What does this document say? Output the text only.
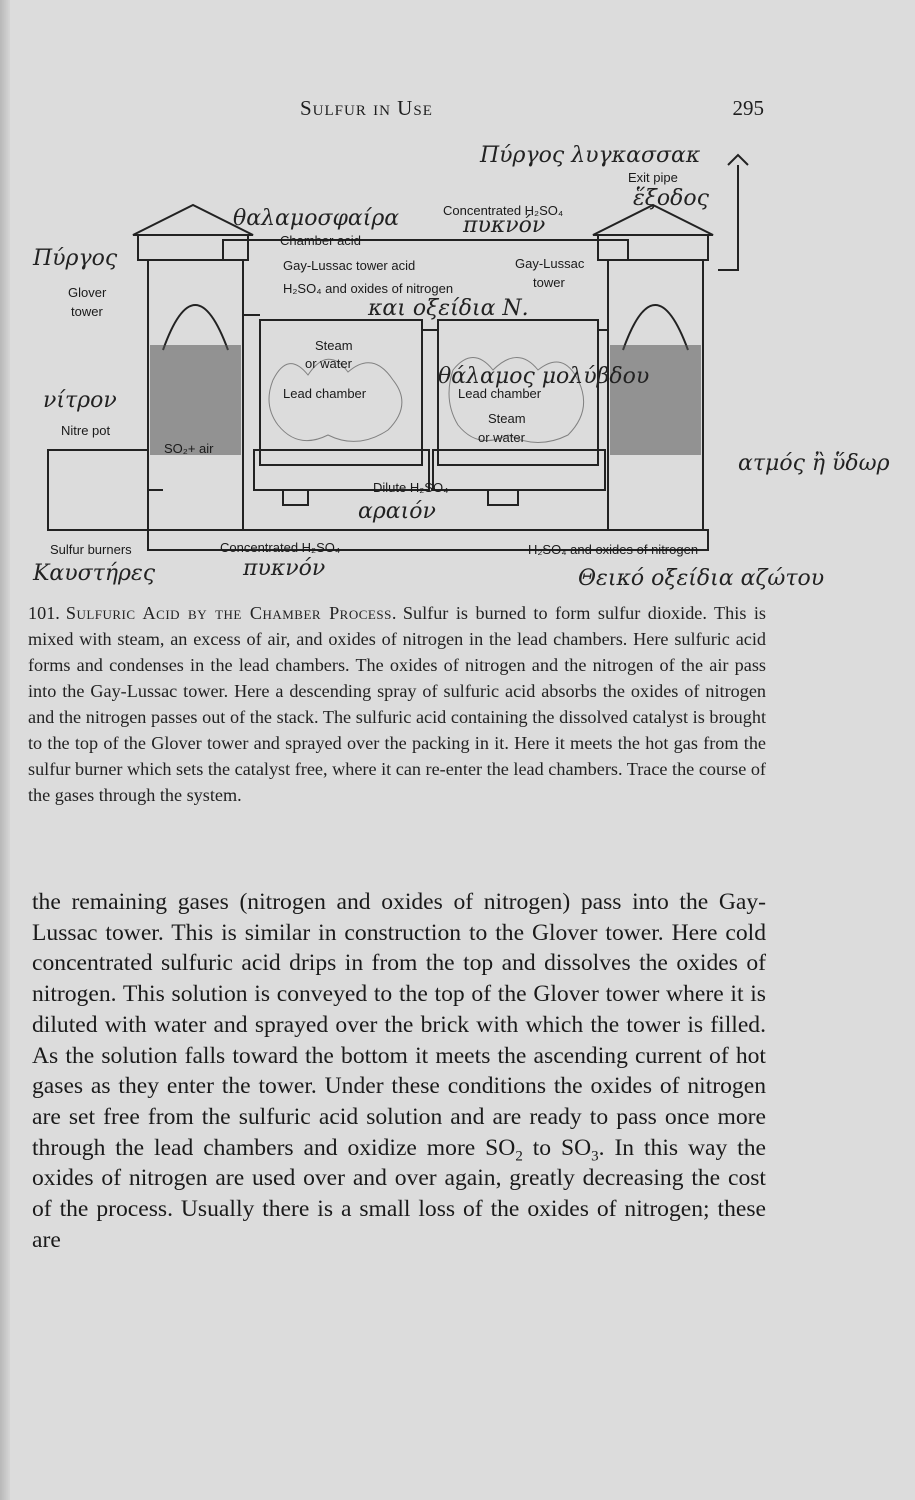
Sulfur in Use	295
Exit pipe
Concentrated H₂SO₄
Chamber acid
Gay-Lussac tower acid
H₂SO₄ and oxides of nitrogen
Gay-Lussac
tower
Glover
tower
Steam
or water
Lead chamber	Lead chamber
Steam
or water
Nitre pot
SO₂+ air
Dilute H₂SO₄
Sulfur burners	Concentrated H₂SO₄	H₂SO₄ and oxides of nitrogen
Πύργος λυγκασσακ
ἕξοδος
θαλαμοσφαίρα	πυκνόν
Πύργος
νίτρον
και οξείδια Ν.
θάλαμος μολύβδου
ατμός ἢ ὕδωρ
αραιόν
Καυστήρες	πυκνόν	Θεικό οξείδια αζώτου
101. Sulfuric Acid by the Chamber Process. Sulfur is burned to form sulfur dioxide. This is mixed with steam, an excess of air, and oxides of nitrogen in the lead chambers. Here sulfuric acid forms and condenses in the lead chambers. The oxides of nitrogen and the nitrogen of the air pass into the Gay-Lussac tower. Here a descending spray of sulfuric acid absorbs the oxides of nitrogen and the nitrogen passes out of the stack. The sulfuric acid containing the dissolved catalyst is brought to the top of the Glover tower and sprayed over the packing in it. Here it meets the hot gas from the sulfur burner which sets the catalyst free, where it can re-enter the lead chambers. Trace the course of the gases through the system.
the remaining gases (nitrogen and oxides of nitrogen) pass into the Gay-Lussac tower. This is similar in construction to the Glover tower. Here cold concentrated sulfuric acid drips in from the top and dissolves the oxides of nitrogen. This solution is conveyed to the top of the Glover tower where it is diluted with water and sprayed over the brick with which the tower is filled. As the solution falls toward the bottom it meets the ascending current of hot gases as they enter the tower. Under these conditions the oxides of nitrogen are set free from the sulfuric acid solution and are ready to pass once more through the lead chambers and oxidize more $SO_2$ to $SO_3$. In this way the oxides of nitrogen are used over and over again, greatly decreasing the cost of the process. Usually there is a small loss of the oxides of nitrogen; these are
